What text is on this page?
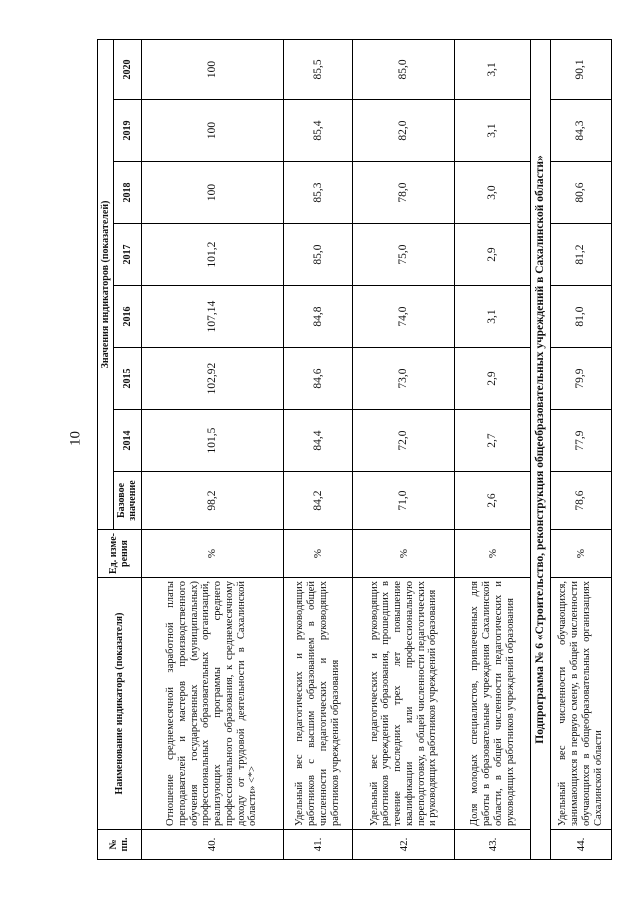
10
№ пп.	Наименование индикатора (показателя)	Ед. изме-рения	Значения индикаторов (показателей)							
			Базовое значение	2014	2015	2016	2017	2018	2019	2020
40.	Отношение среднемесячной заработной платы преподавателей и мастеров производственного обучения государственных (муниципальных) профессиональных образовательных организаций, реализующих программы среднего профессионального образования, к среднемесячному доходу от трудовой деятельности в Сахалинской области» <*>	%	98,2	101,5	102,92	107,14	101,2	100	100	100
41.	Удельный вес педагогических и руководящих работников с высшим образованием в общей численности педагогических и руководящих работников учреждений образования	%	84,2	84,4	84,6	84,8	85,0	85,3	85,4	85,5
42.	Удельный вес педагогических и руководящих работников учреждений образования, прошедших в течение последних трех лет повышение квалификации или профессиональную переподготовку, в общей численности педагогических и руководящих работников учреждений образования	%	71,0	72,0	73,0	74,0	75,0	78,0	82,0	85,0
43.	Доля молодых специалистов, привлеченных для работы в образовательные учреждения Сахалинской области, в общей численности педагогических и руководящих работников учреждений образования	%	2,6	2,7	2,9	3,1	2,9	3,0	3,1	3,1
Подпрограмма № 6 «Строительство, реконструкция общеобразовательных учреждений в Сахалинской области»										
44.	Удельный вес численности обучающихся, занимающихся в первую смену, в общей численности обучающихся в общеобразовательных организациях Сахалинской области	%	78,6	77,9	79,9	81,0	81,2	80,6	84,3	90,1
